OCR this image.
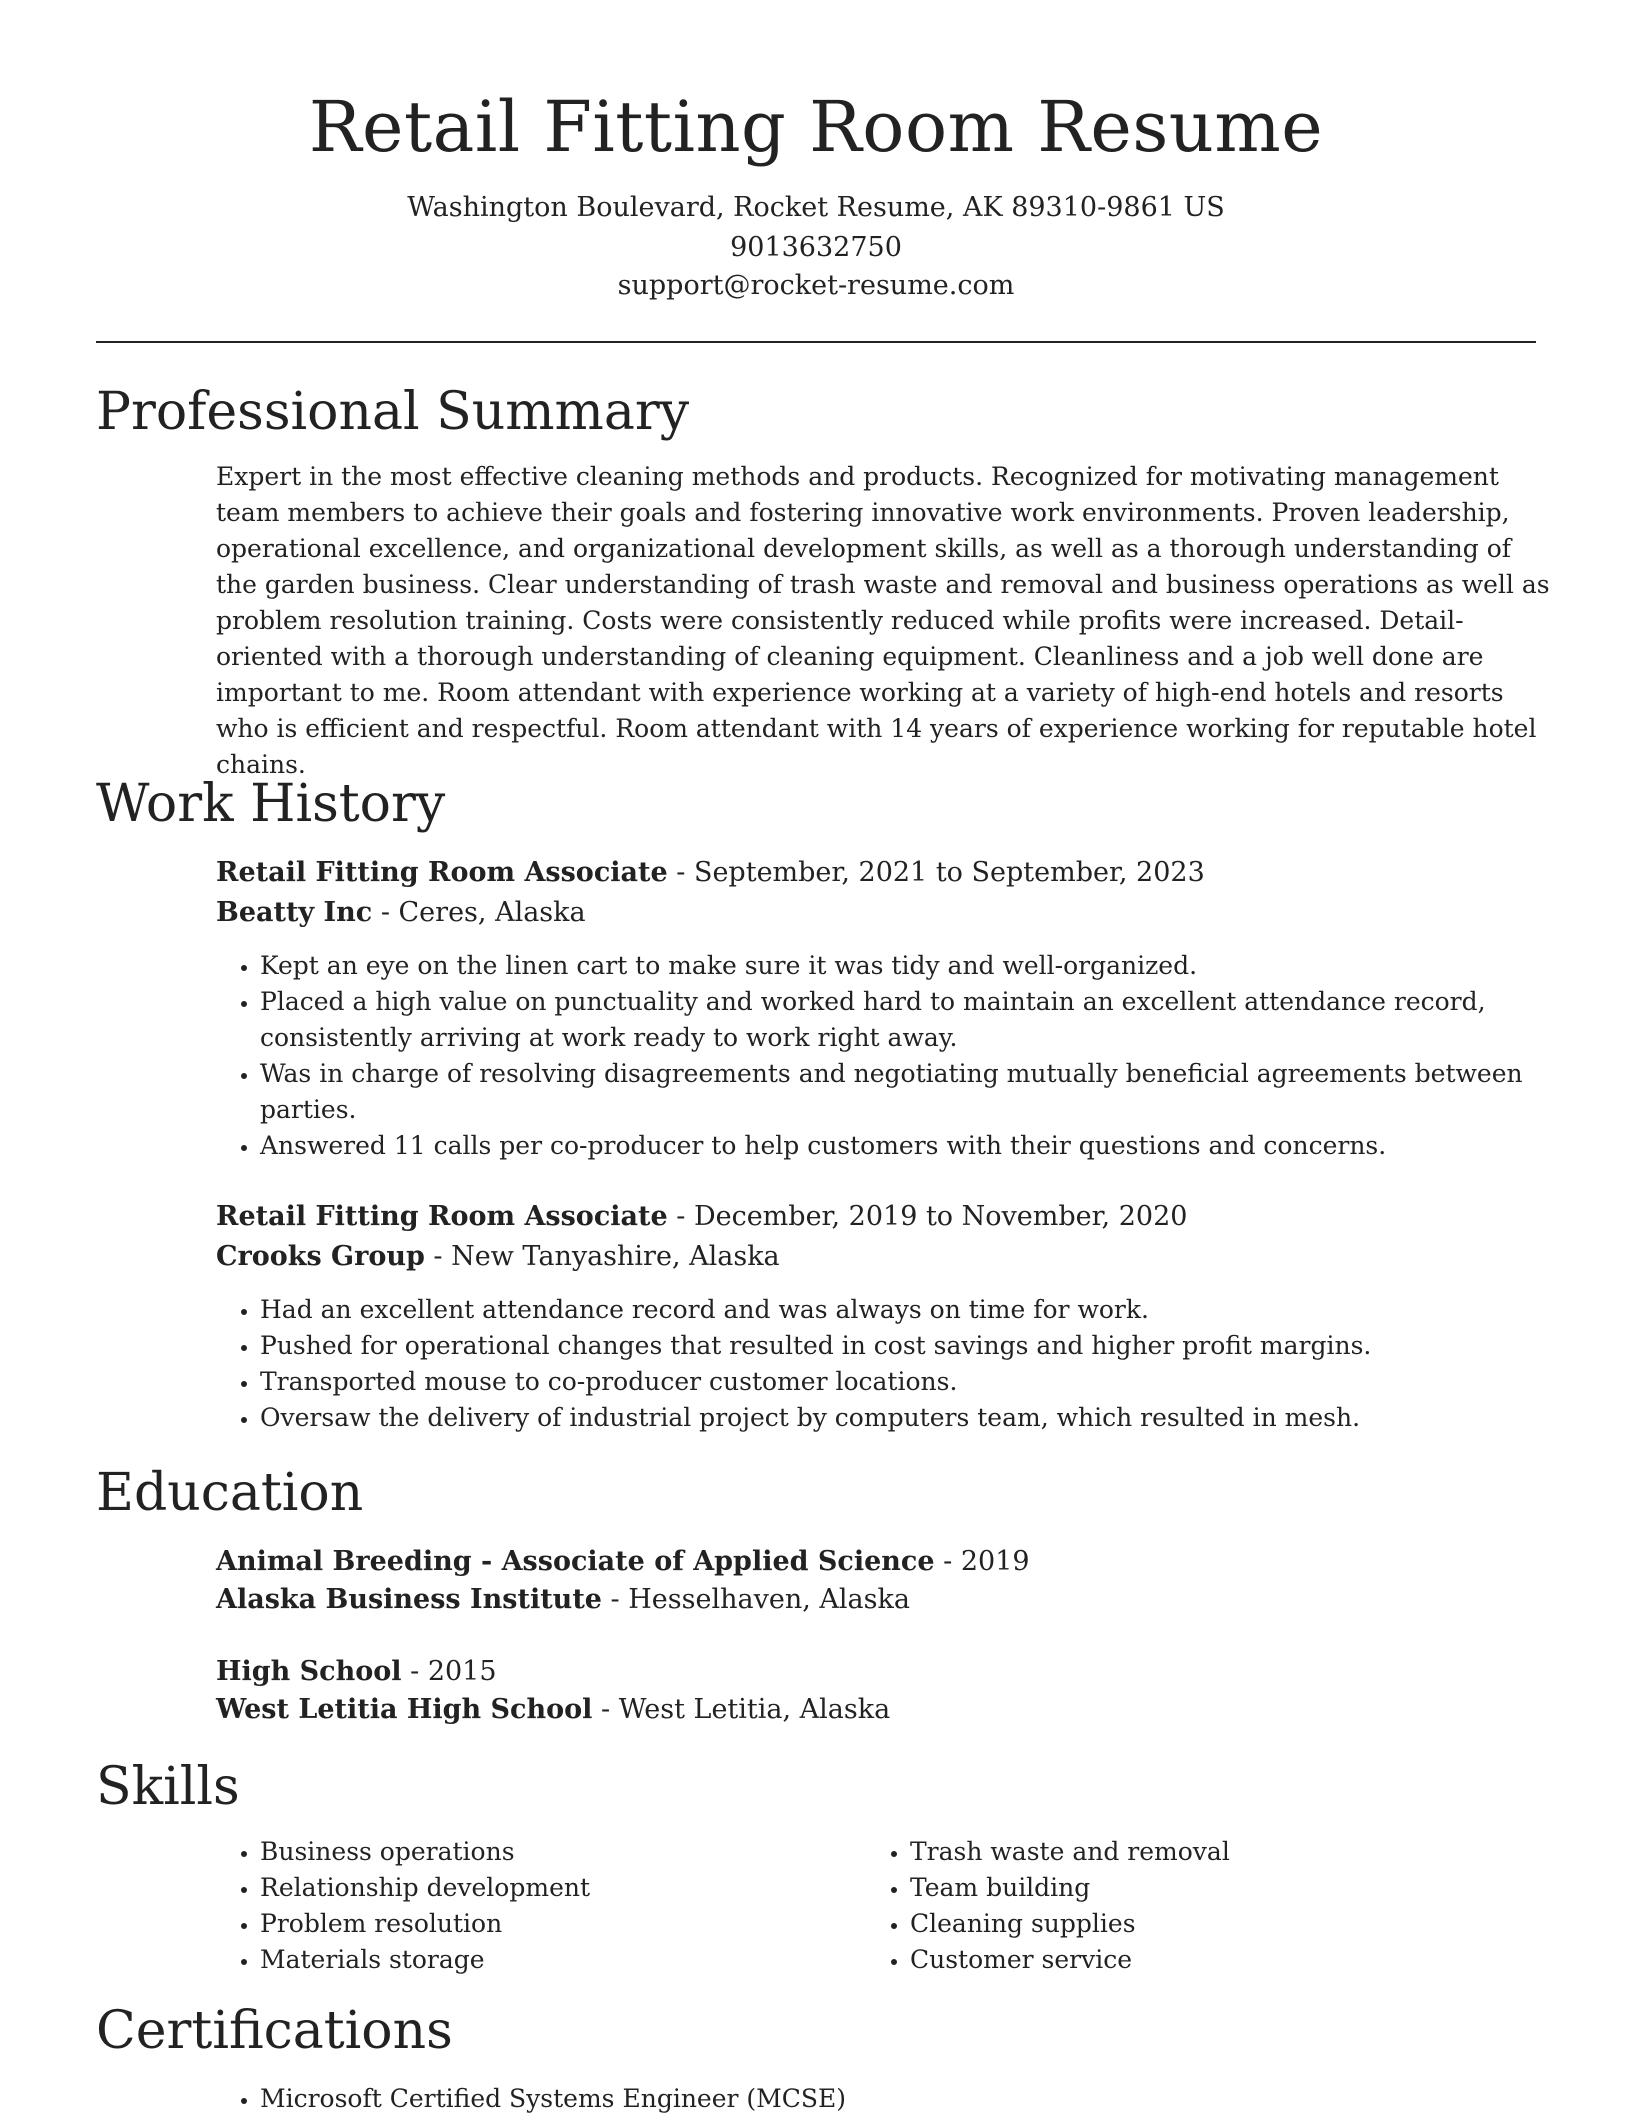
Retail Fitting Room Resume
Washington Boulevard, Rocket Resume, AK 89310-9861 US
9013632750
support@rocket-resume.com
Professional Summary
Expert in the most effective cleaning methods and products. Recognized for motivating management team members to achieve their goals and fostering innovative work environments. Proven leadership, operational excellence, and organizational development skills, as well as a thorough understanding of the garden business. Clear understanding of trash waste and removal and business operations as well as problem resolution training. Costs were consistently reduced while profits were increased. Detail-oriented with a thorough understanding of cleaning equipment. Cleanliness and a job well done are important to me. Room attendant with experience working at a variety of high-end hotels and resorts who is efficient and respectful. Room attendant with 14 years of experience working for reputable hotel chains.
Work History
Retail Fitting Room Associate - September, 2021 to September, 2023
Beatty Inc - Ceres, Alaska
• Kept an eye on the linen cart to make sure it was tidy and well-organized.
• Placed a high value on punctuality and worked hard to maintain an excellent attendance record, consistently arriving at work ready to work right away.
• Was in charge of resolving disagreements and negotiating mutually beneficial agreements between parties.
• Answered 11 calls per co-producer to help customers with their questions and concerns.
Retail Fitting Room Associate - December, 2019 to November, 2020
Crooks Group - New Tanyashire, Alaska
• Had an excellent attendance record and was always on time for work.
• Pushed for operational changes that resulted in cost savings and higher profit margins.
• Transported mouse to co-producer customer locations.
• Oversaw the delivery of industrial project by computers team, which resulted in mesh.
Education
Animal Breeding - Associate of Applied Science - 2019
Alaska Business Institute - Hesselhaven, Alaska
High School - 2015
West Letitia High School - West Letitia, Alaska
Skills
• Business operations
• Relationship development
• Problem resolution
• Materials storage
• Trash waste and removal
• Team building
• Cleaning supplies
• Customer service
Certifications
• Microsoft Certified Systems Engineer (MCSE)
